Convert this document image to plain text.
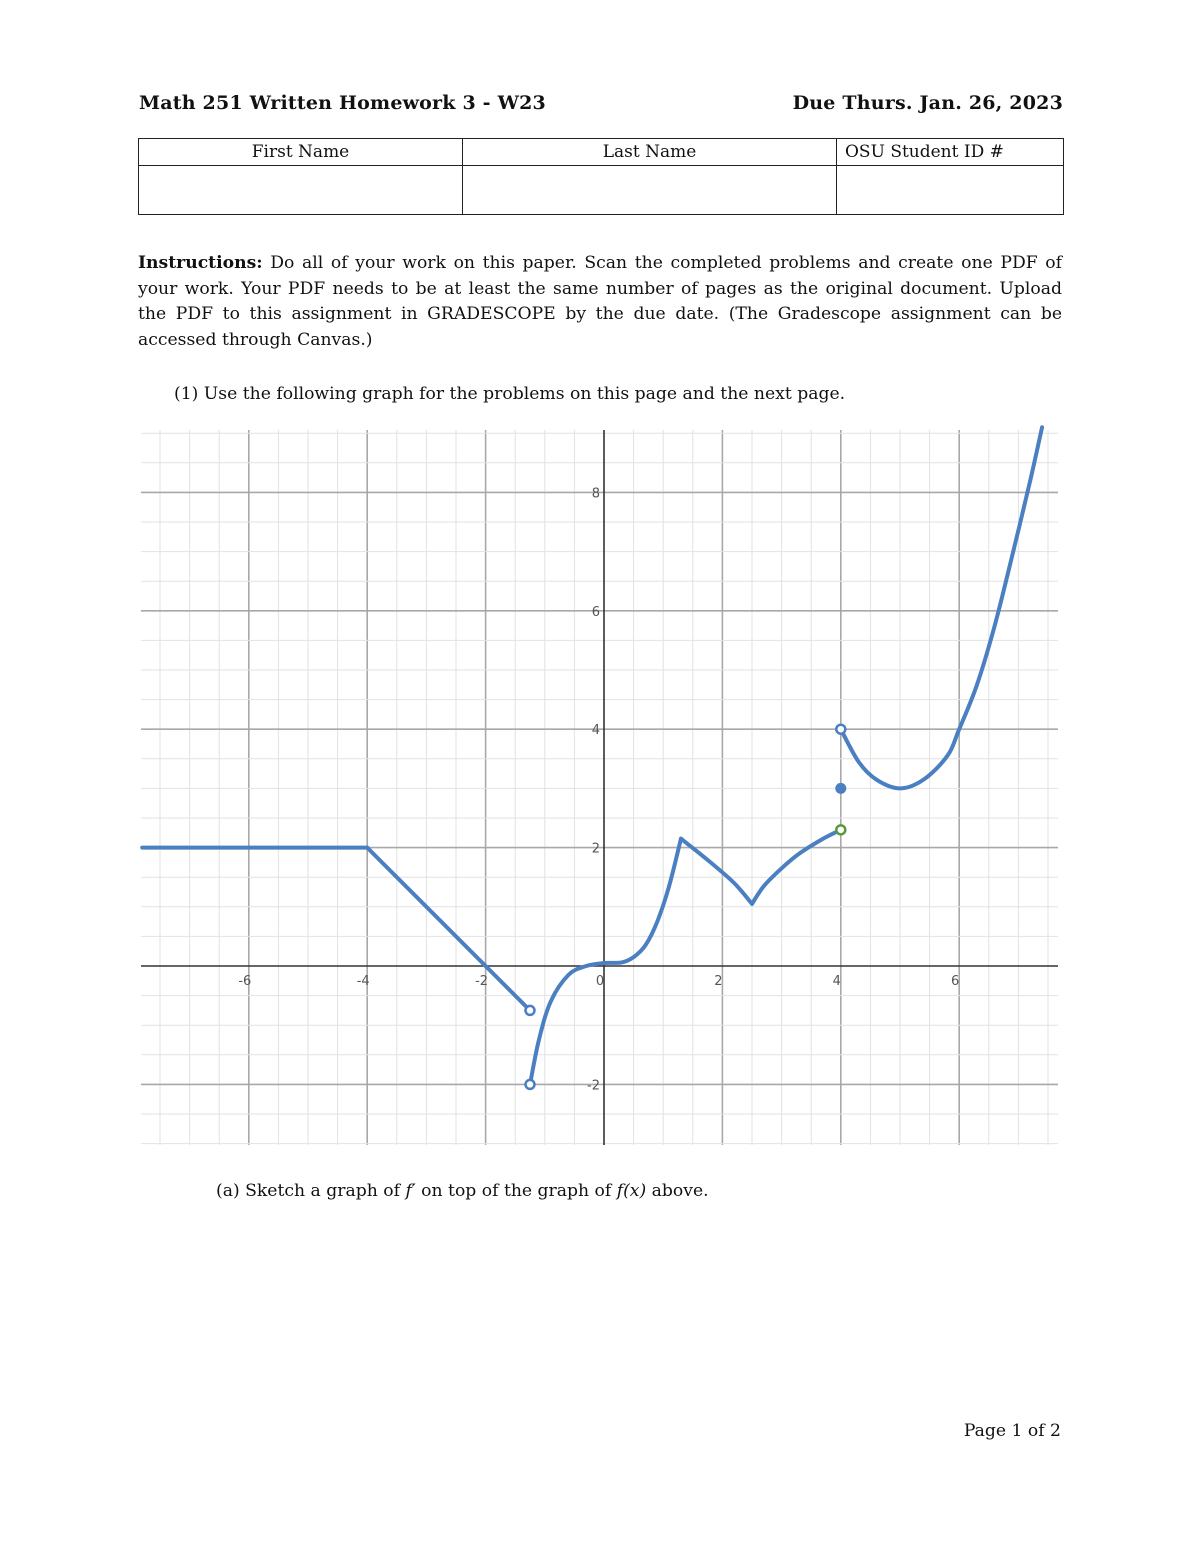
Math 251 Written Homework 3 - W23	Due Thurs. Jan. 26, 2023
First Name	Last Name	OSU Student ID #

Instructions: Do all of your work on this paper. Scan the completed problems and create one PDF of your work. Your PDF needs to be at least the same number of pages as the original document. Upload the PDF to this assignment in GRADESCOPE by the due date. (The Gradescope assignment can be accessed through Canvas.)
(1) Use the following graph for the problems on this page and the next page.
-6	-4	-2	0	2	4	6
-2
2
4
6
8
(a) Sketch a graph of f′ on top of the graph of f(x) above.
Page 1 of 2
